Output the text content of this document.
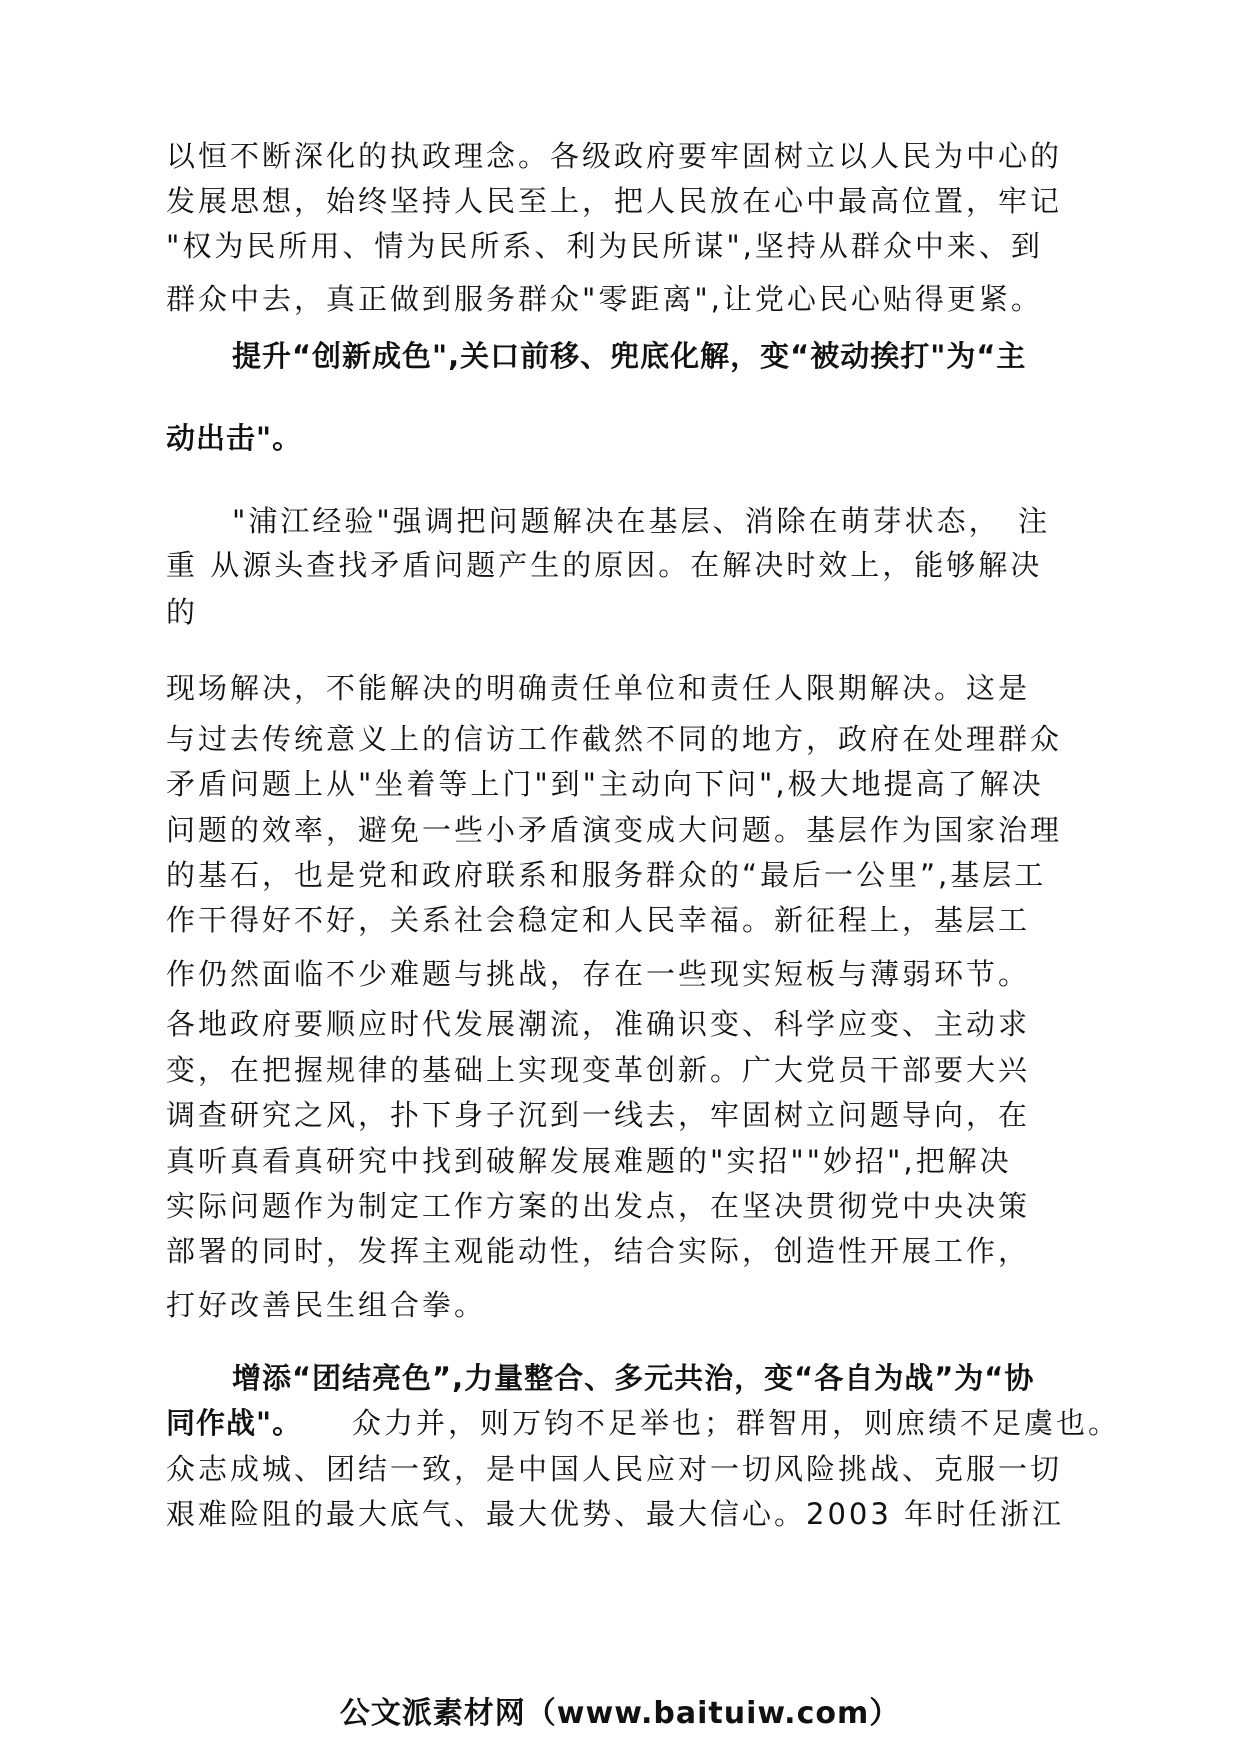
以恒不断深化的执政理念。各级政府要牢固树立以人民为中心的

发展思想，始终坚持人民至上，把人民放在心中最高位置，牢记

"权为民所用、情为民所系、利为民所谋",坚持从群众中来、到

群众中去，真正做到服务群众"零距离",让党心民心贴得更紧。

提升“创新成色",关口前移、兜底化解，变“被动挨打"为“主

动出击"。

"浦江经验"强调把问题解决在基层、消除在萌芽状态，　注

重 从源头查找矛盾问题产生的原因。在解决时效上，能够解决

的

现场解决，不能解决的明确责任单位和责任人限期解决。这是

与过去传统意义上的信访工作截然不同的地方，政府在处理群众

矛盾问题上从"坐着等上门"到"主动向下问",极大地提高了解决

问题的效率，避免一些小矛盾演变成大问题。基层作为国家治理

的基石，也是党和政府联系和服务群众的“最后一公里”,基层工

作干得好不好，关系社会稳定和人民幸福。新征程上，基层工

作仍然面临不少难题与挑战，存在一些现实短板与薄弱环节。

各地政府要顺应时代发展潮流，准确识变、科学应变、主动求

变，在把握规律的基础上实现变革创新。广大党员干部要大兴

调查研究之风，扑下身子沉到一线去，牢固树立问题导向，在

真听真看真研究中找到破解发展难题的"实招""妙招",把解决

实际问题作为制定工作方案的出发点，在坚决贯彻党中央决策

部署的同时，发挥主观能动性，结合实际，创造性开展工作，

打好改善民生组合拳。

增添“团结亮色”,力量整合、多元共治，变“各自为战”为“协

同作战"。 　众力并，则万钧不足举也；群智用，则庶绩不足虞也。

众志成城、团结一致，是中国人民应对一切风险挑战、克服一切

艰难险阻的最大底气、最大优势、最大信心。2003 年时任浙江

公文派素材网（www.baituiw.com）
